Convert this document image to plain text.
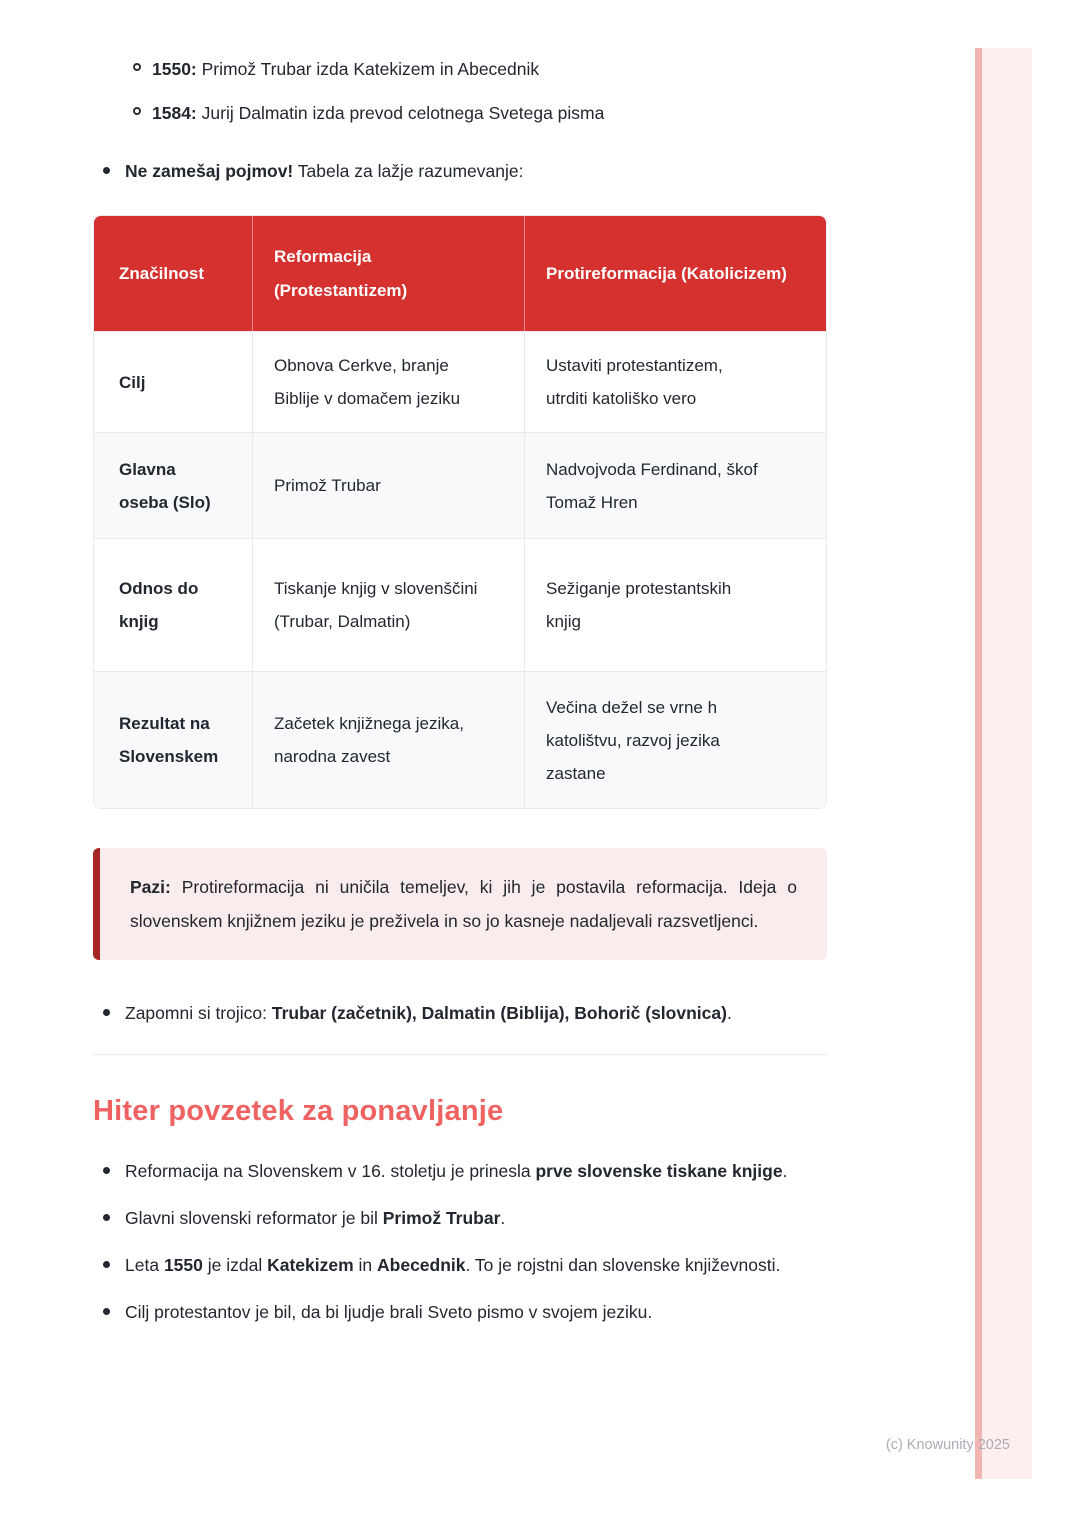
1550: Primož Trubar izda Katekizem in Abecednik

1584: Jurij Dalmatin izda prevod celotnega Svetega pisma

Ne zamešaj pojmov! Tabela za lažje razumevanje:

Značilnost
Reformacija (Protestantizem)
Protireformacija (Katolicizem)
Cilj
Obnova Cerkve, branje Biblije v domačem jeziku
Ustaviti protestantizem, utrditi katoliško vero
Glavna oseba (Slo)
Primož Trubar
Nadvojvoda Ferdinand, škof Tomaž Hren
Odnos do knjig
Tiskanje knjig v slovenščini (Trubar, Dalmatin)
Sežiganje protestantskih knjig
Rezultat na Slovenskem
Začetek knjižnega jezika, narodna zavest
Večina dežel se vrne h katolištvu, razvoj jezika zastane

Pazi: Protireformacija ni uničila temeljev, ki jih je postavila reformacija. Ideja o slovenskem knjižnem jeziku je preživela in so jo kasneje nadaljevali razsvetljenci.

Zapomni si trojico: Trubar (začetnik), Dalmatin (Biblija), Bohorič (slovnica).

Hiter povzetek za ponavljanje

Reformacija na Slovenskem v 16. stoletju je prinesla prve slovenske tiskane knjige.

Glavni slovenski reformator je bil Primož Trubar.

Leta 1550 je izdal Katekizem in Abecednik. To je rojstni dan slovenske književnosti.

Cilj protestantov je bil, da bi ljudje brali Sveto pismo v svojem jeziku.

(c) Knowunity 2025
